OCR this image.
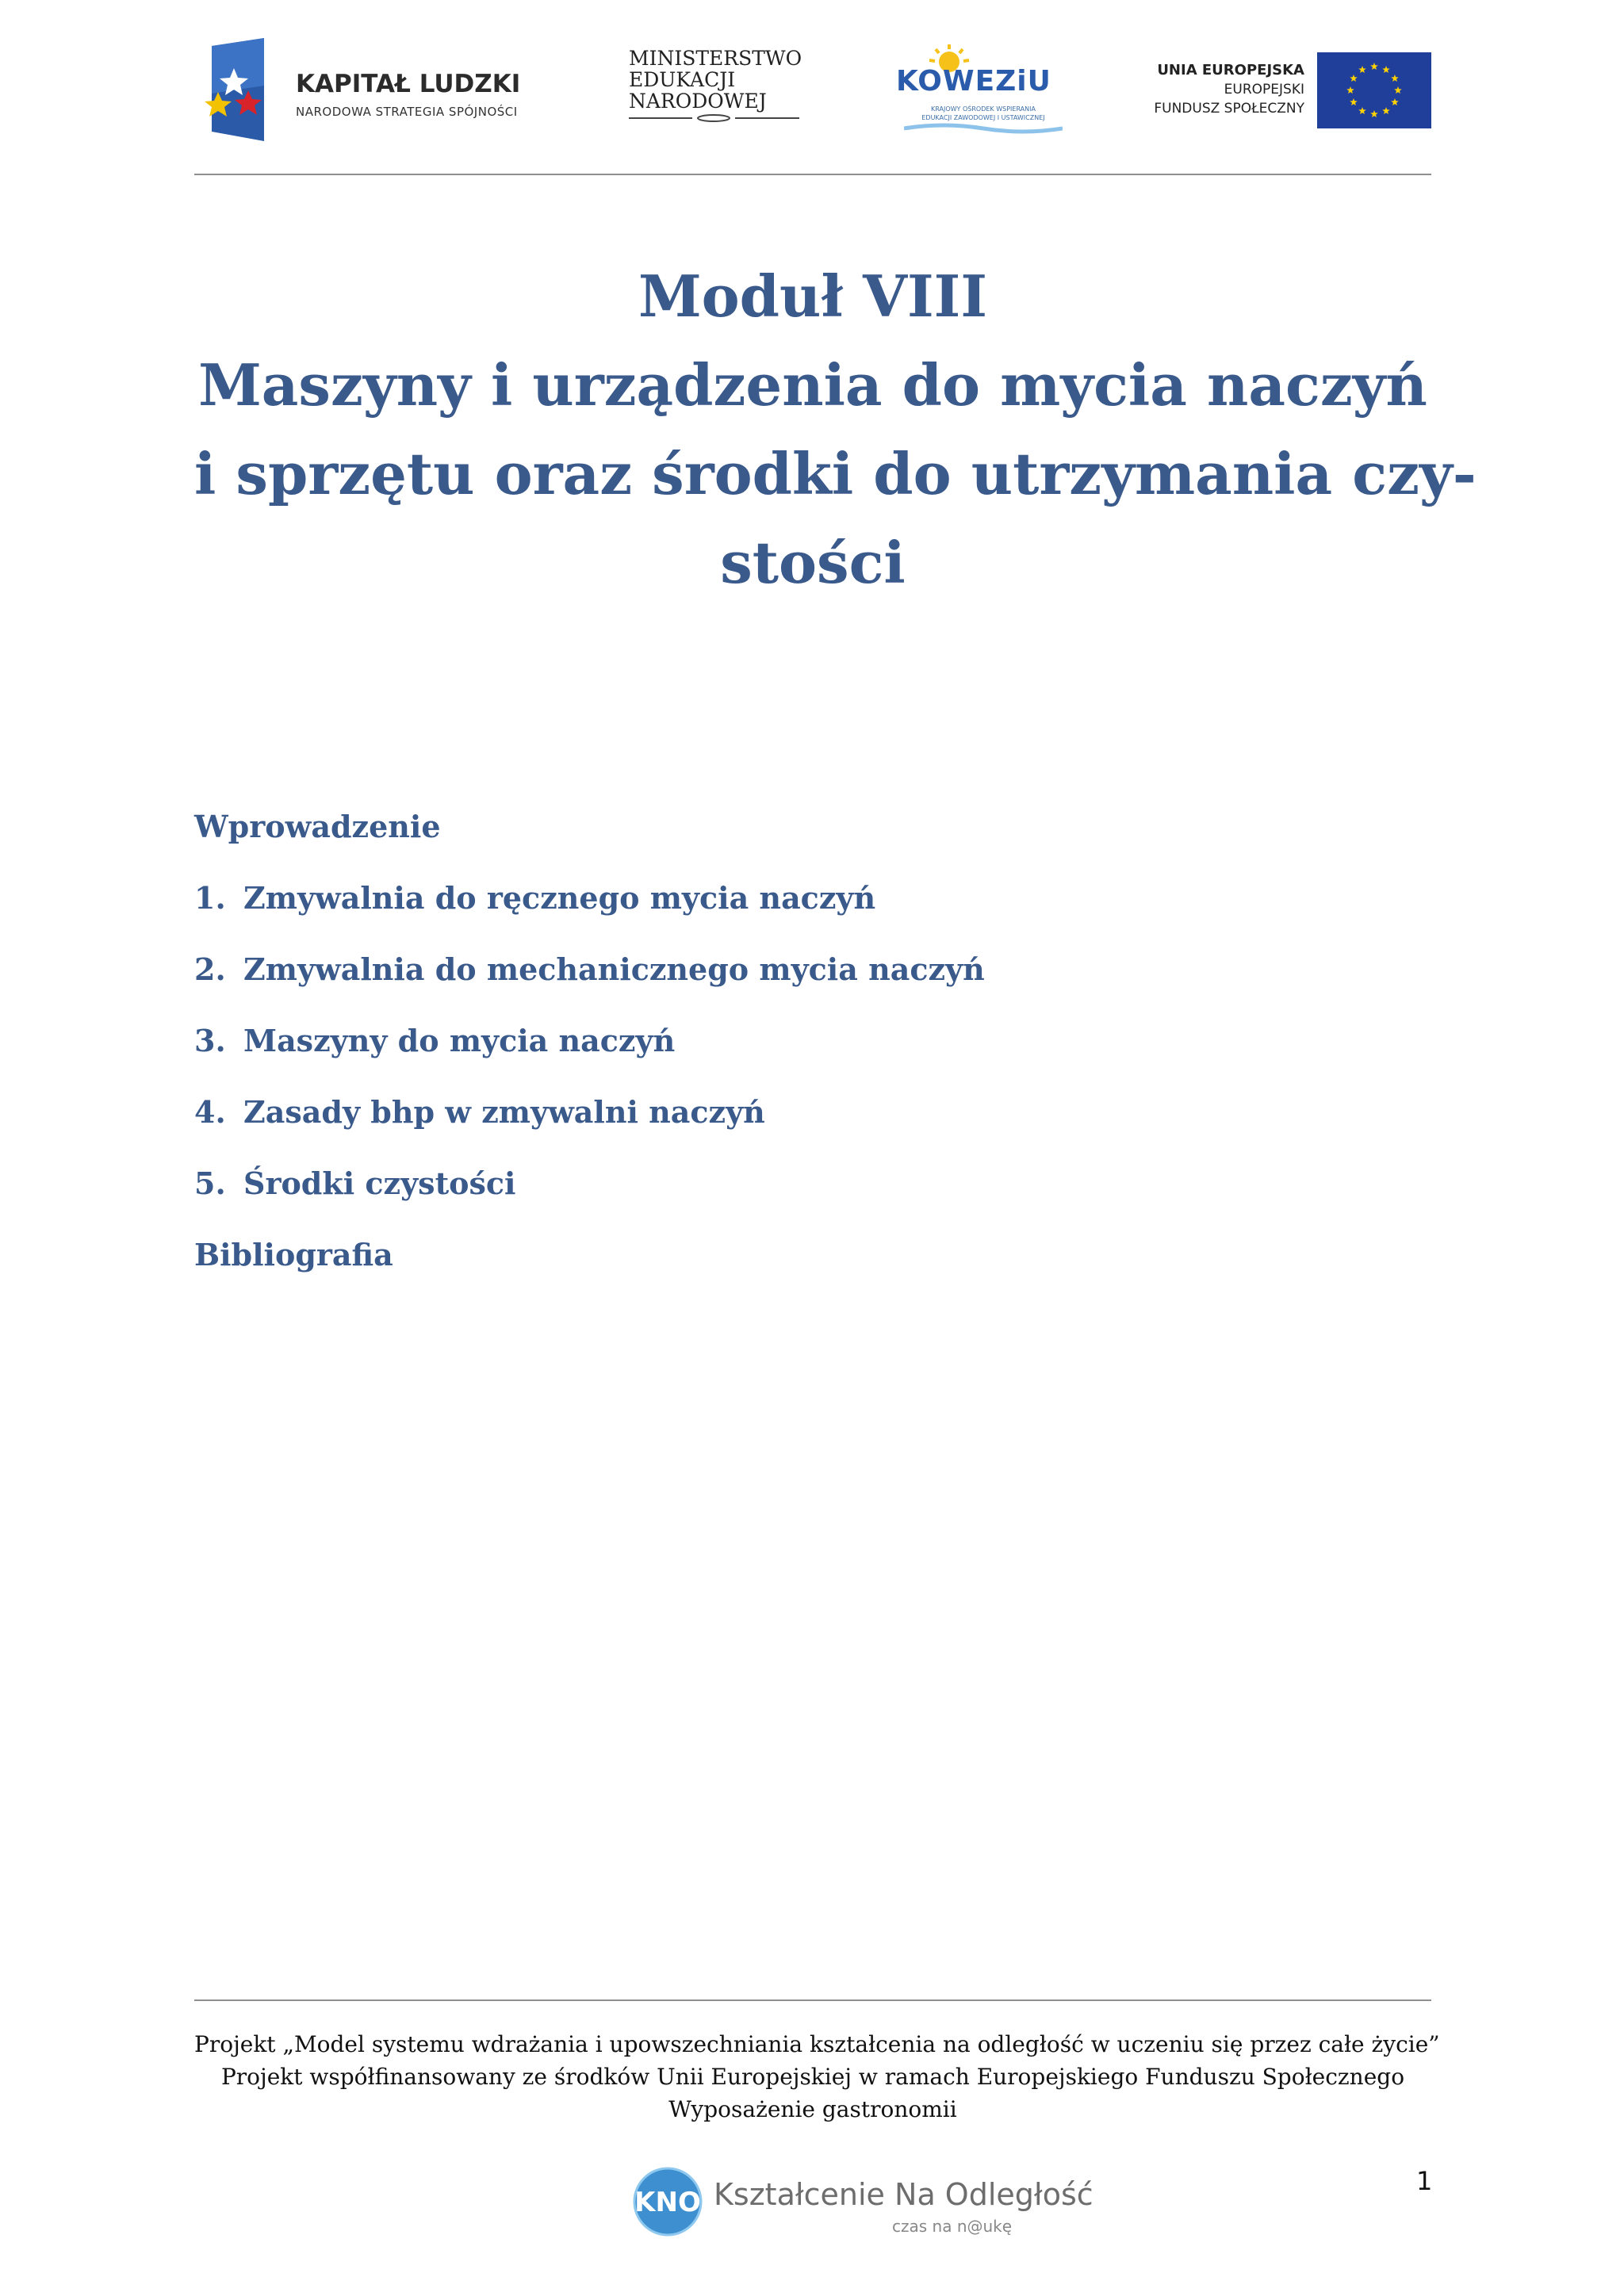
KAPITAŁ LUDZKI
NARODOWA STRATEGIA SPÓJNOŚCI
MINISTERSTWO
EDUKACJI
NARODOWEJ
KOWEZiU
KRAJOWY OŚRODEK WSPIERANIA
EDUKACJI ZAWODOWEJ I USTAWICZNEJ
UNIA EUROPEJSKA
EUROPEJSKI
FUNDUSZ SPOŁECZNY
Moduł VIII
Maszyny i urządzenia do mycia naczyń
i sprzętu oraz środki do utrzymania czy-
stości
Wprowadzenie
1. Zmywalnia do ręcznego mycia naczyń
2. Zmywalnia do mechanicznego mycia naczyń
3. Maszyny do mycia naczyń
4. Zasady bhp w zmywalni naczyń
5. Środki czystości
Bibliografia
Projekt „Model systemu wdrażania i upowszechniania kształcenia na odległość w uczeniu się przez całe życie”
Projekt współfinansowany ze środków Unii Europejskiej w ramach Europejskiego Funduszu Społecznego
Wyposażenie gastronomii
KNO Kształcenie Na Odległość
czas na n@ukę
1
